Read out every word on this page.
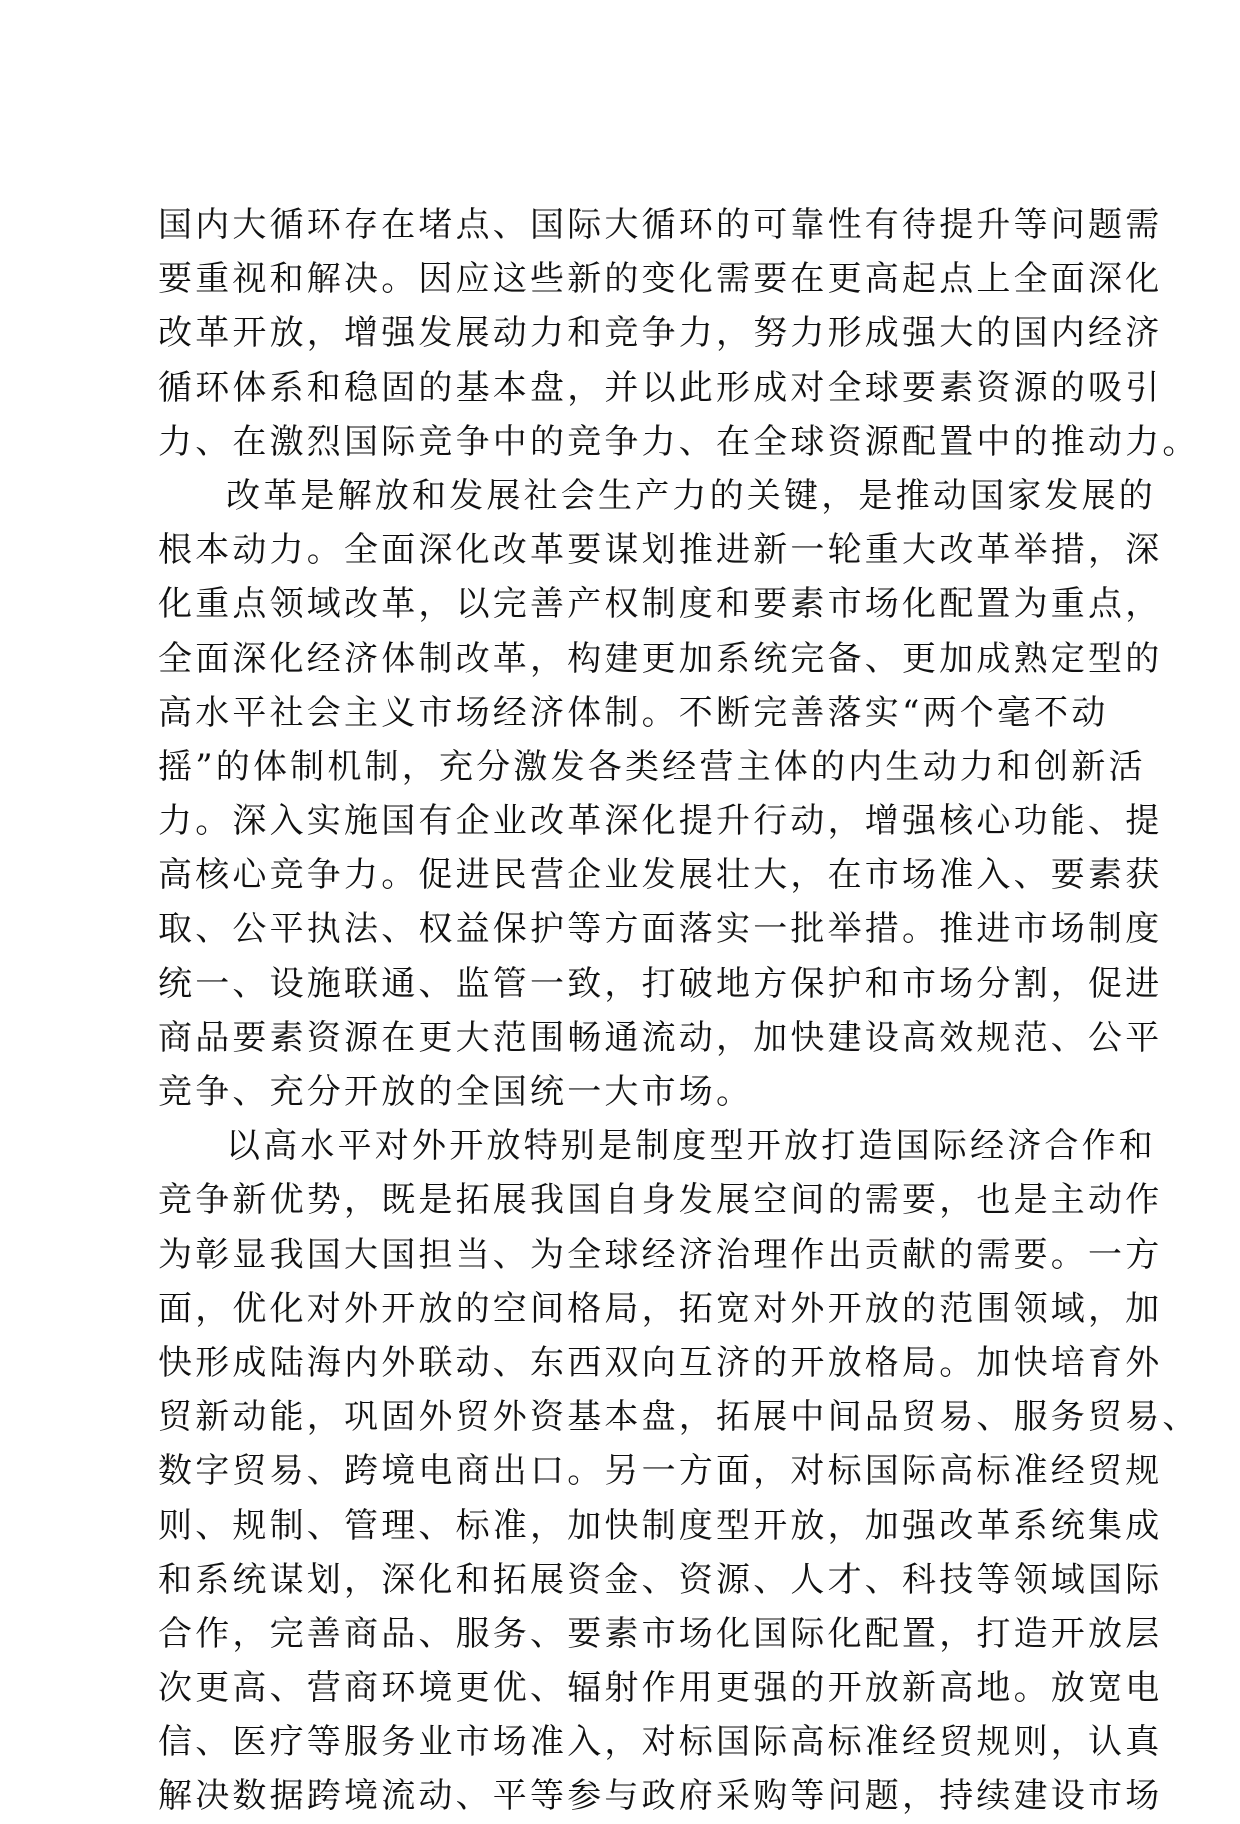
国内大循环存在堵点、国际大循环的可靠性有待提升等问题需
要重视和解决。因应这些新的变化需要在更高起点上全面深化
改革开放，增强发展动力和竞争力，努力形成强大的国内经济
循环体系和稳固的基本盘，并以此形成对全球要素资源的吸引
力、在激烈国际竞争中的竞争力、在全球资源配置中的推动力。
改革是解放和发展社会生产力的关键，是推动国家发展的
根本动力。全面深化改革要谋划推进新一轮重大改革举措，深
化重点领域改革，以完善产权制度和要素市场化配置为重点，
全面深化经济体制改革，构建更加系统完备、更加成熟定型的
高水平社会主义市场经济体制。不断完善落实“两个毫不动
摇”的体制机制，充分激发各类经营主体的内生动力和创新活
力。深入实施国有企业改革深化提升行动，增强核心功能、提
高核心竞争力。促进民营企业发展壮大，在市场准入、要素获
取、公平执法、权益保护等方面落实一批举措。推进市场制度
统一、设施联通、监管一致，打破地方保护和市场分割，促进
商品要素资源在更大范围畅通流动，加快建设高效规范、公平
竞争、充分开放的全国统一大市场。
以高水平对外开放特别是制度型开放打造国际经济合作和
竞争新优势，既是拓展我国自身发展空间的需要，也是主动作
为彰显我国大国担当、为全球经济治理作出贡献的需要。一方
面，优化对外开放的空间格局，拓宽对外开放的范围领域，加
快形成陆海内外联动、东西双向互济的开放格局。加快培育外
贸新动能，巩固外贸外资基本盘，拓展中间品贸易、服务贸易、
数字贸易、跨境电商出口。另一方面，对标国际高标准经贸规
则、规制、管理、标准，加快制度型开放，加强改革系统集成
和系统谋划，深化和拓展资金、资源、人才、科技等领域国际
合作，完善商品、服务、要素市场化国际化配置，打造开放层
次更高、营商环境更优、辐射作用更强的开放新高地。放宽电
信、医疗等服务业市场准入，对标国际高标准经贸规则，认真
解决数据跨境流动、平等参与政府采购等问题，持续建设市场
